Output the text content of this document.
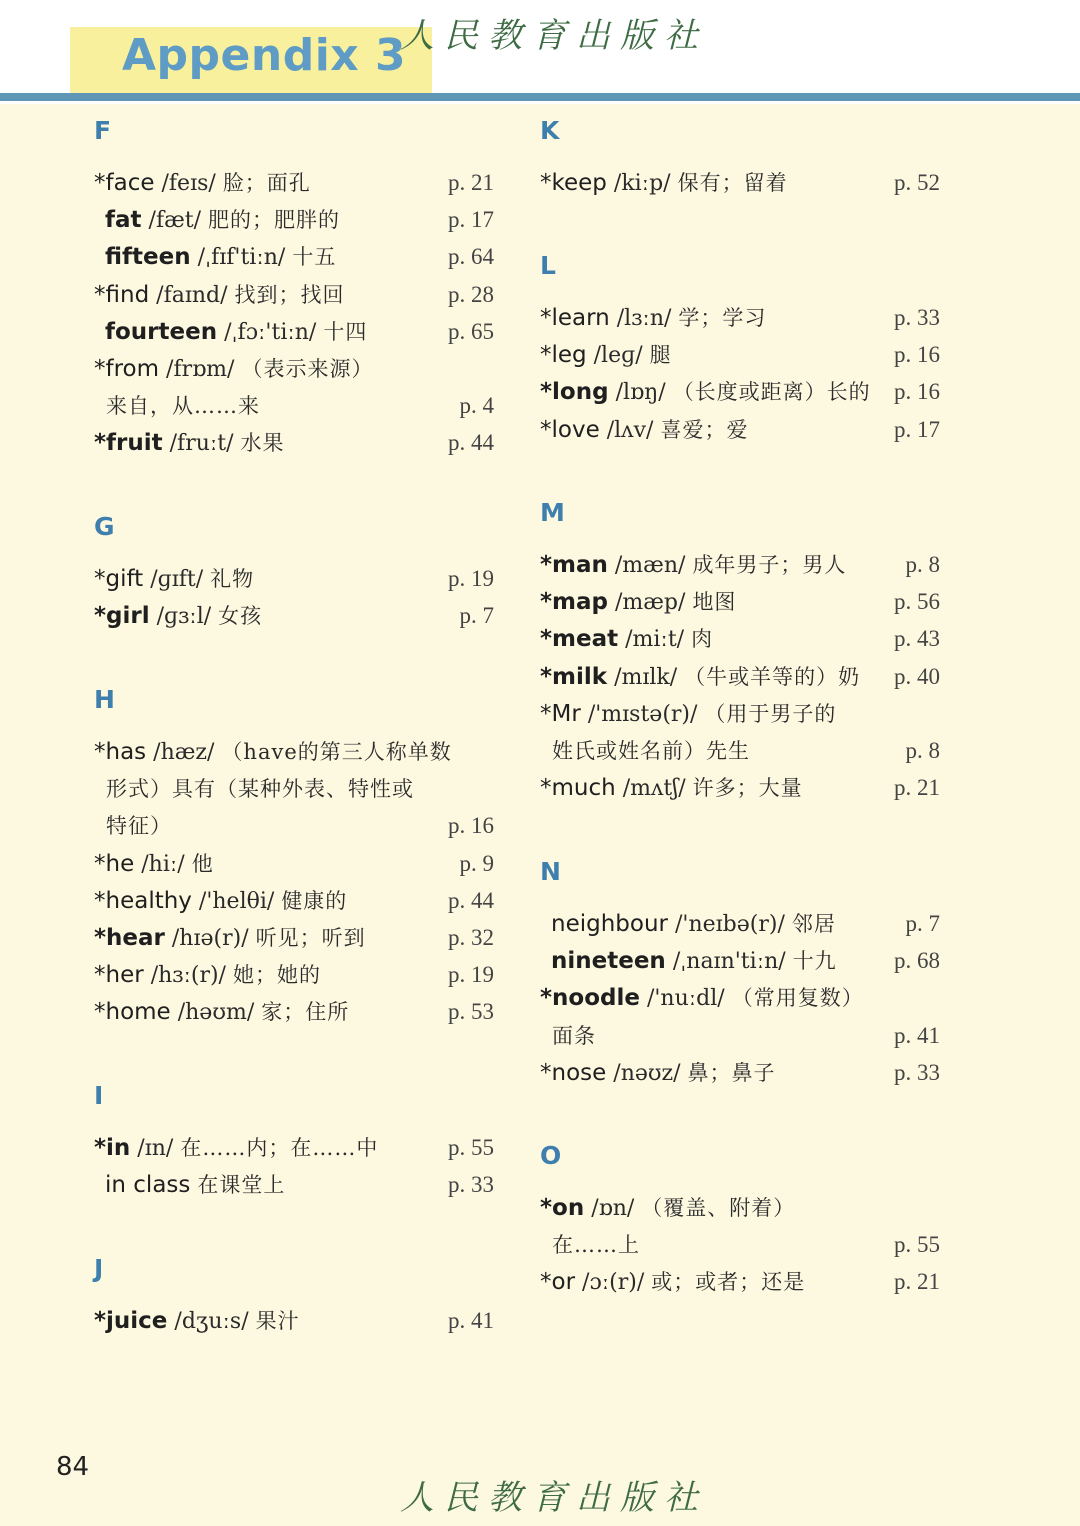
Appendix 3
人民教育出版社
F
*face /feɪs/ 脸；面孔	p. 21
fat /fæt/ 肥的；肥胖的	p. 17
fifteen /ˌfɪf'tiːn/ 十五	p. 64
*find /faɪnd/ 找到；找回	p. 28
fourteen /ˌfɔː'tiːn/ 十四	p. 65
*from /frɒm/ （表示来源）
来自，从……来	p. 4
*fruit /fruːt/ 水果	p. 44
G
*gift /ɡɪft/ 礼物	p. 19
*girl /ɡɜːl/ 女孩	p. 7
H
*has /hæz/ （have的第三人称单数
形式）具有（某种外表、特性或
特征）	p. 16
*he /hiː/ 他	p. 9
*healthy /'helθi/ 健康的	p. 44
*hear /hɪə(r)/ 听见；听到	p. 32
*her /hɜː(r)/ 她；她的	p. 19
*home /həʊm/ 家；住所	p. 53
I
*in /ɪn/ 在……内；在……中	p. 55
in class 在课堂上	p. 33
J
*juice /dʒuːs/ 果汁	p. 41
K
*keep /kiːp/ 保有；留着	p. 52
L
*learn /lɜːn/ 学；学习	p. 33
*leg /leɡ/ 腿	p. 16
*long /lɒŋ/ （长度或距离）长的 p. 16
*love /lʌv/ 喜爱；爱	p. 17
M
*man /mæn/ 成年男子；男人	p. 8
*map /mæp/ 地图	p. 56
*meat /miːt/ 肉	p. 43
*milk /mɪlk/ （牛或羊等的）奶	p. 40
*Mr /'mɪstə(r)/ （用于男子的
姓氏或姓名前）先生	p. 8
*much /mʌtʃ/ 许多；大量	p. 21
N
neighbour /'neɪbə(r)/ 邻居	p. 7
nineteen /ˌnaɪn'tiːn/ 十九	p. 68
*noodle /'nuːdl/ （常用复数）
面条	p. 41
*nose /nəʊz/ 鼻；鼻子	p. 33
O
*on /ɒn/ （覆盖、附着）
在……上	p. 55
*or /ɔː(r)/ 或；或者；还是	p. 21
84
人民教育出版社
